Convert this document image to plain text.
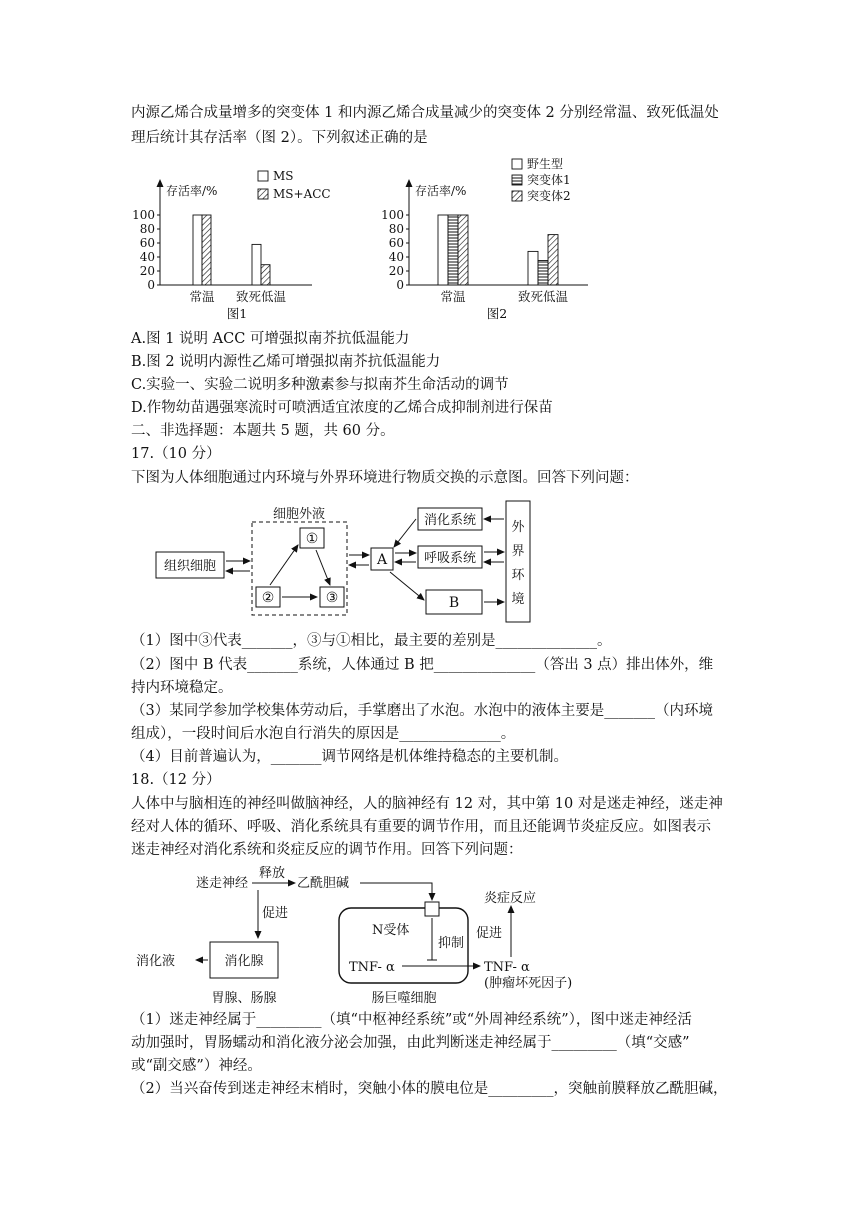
内源乙烯合成量增多的突变体 1 和内源乙烯合成量减少的突变体 2 分别经常温、致死低温处
理后统计其存活率（图 2）。下列叙述正确的是
存活率/%
0
20
40
60
80
100
常温 致死低温
MS
MS+ACC
图1
存活率/%
0
20
40
60
80
100
常温	致死低温
野生型
突变体1
突变体2
图2
A.图 1 说明 ACC 可增强拟南芥抗低温能力
B.图 2 说明内源性乙烯可增强拟南芥抗低温能力
C.实验一、实验二说明多种激素参与拟南芥生命活动的调节
D.作物幼苗遇强寒流时可喷洒适宜浓度的乙烯合成抑制剂进行保苗
二、非选择题：本题共 5 题，共 60 分。
17.（10 分）
下图为人体细胞通过内环境与外界环境进行物质交换的示意图。回答下列问题：
细胞外液
①
②	③
组织细胞	A
消化系统
呼吸系统
B
外
界
环
境
（1）图中③代表_______，③与①相比，最主要的差别是______________。
（2）图中 B 代表_______系统，人体通过 B 把______________（答出 3 点）排出体外，维
持内环境稳定。
（3）某同学参加学校集体劳动后，手掌磨出了水泡。水泡中的液体主要是_______（内环境
组成），一段时间后水泡自行消失的原因是______________。
（4）目前普遍认为，_______调节网络是机体维持稳态的主要机制。
18.（12 分）
人体中与脑相连的神经叫做脑神经，人的脑神经有 12 对，其中第 10 对是迷走神经，迷走神
经对人体的循环、呼吸、消化系统具有重要的调节作用，而且还能调节炎症反应。如图表示
迷走神经对消化系统和炎症反应的调节作用。回答下列问题：
迷走神经
释放
乙酰胆碱
促进
消化腺
消化液
胃腺、肠腺
N受体
抑制
TNF- α	TNF- α
(肿瘤坏死因子)
促进
炎症反应
肠巨噬细胞
（1）迷走神经属于_________（填“中枢神经系统”或“外周神经系统”），图中迷走神经活
动加强时，胃肠蠕动和消化液分泌会加强，由此判断迷走神经属于_________（填“交感”
或“副交感”）神经。
（2）当兴奋传到迷走神经末梢时，突触小体的膜电位是_________，突触前膜释放乙酰胆碱，
